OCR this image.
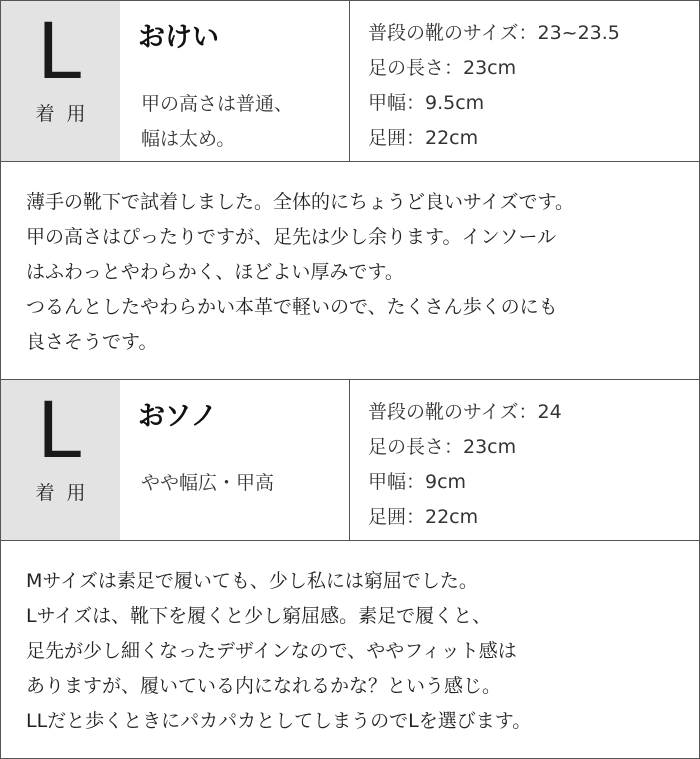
L
着用
おけい
甲の高さは普通、
幅は太め。
普段の靴のサイズ：23~23.5
足の長さ：23cm
甲幅：9.5cm
足囲：22cm
薄手の靴下で試着しました。全体的にちょうど良いサイズです。
甲の高さはぴったりですが、足先は少し余ります。インソール
はふわっとやわらかく、ほどよい厚みです。
つるんとしたやわらかい本革で軽いので、たくさん歩くのにも
良さそうです。
L
着用
おソノ
やや幅広・甲高
普段の靴のサイズ：24
足の長さ：23cm
甲幅：9cm
足囲：22cm
Mサイズは素足で履いても、少し私には窮屈でした。
Lサイズは、靴下を履くと少し窮屈感。素足で履くと、
足先が少し細くなったデザインなので、ややフィット感は
ありますが、履いている内になれるかな？という感じ。
LLだと歩くときにパカパカとしてしまうのでLを選びます。
